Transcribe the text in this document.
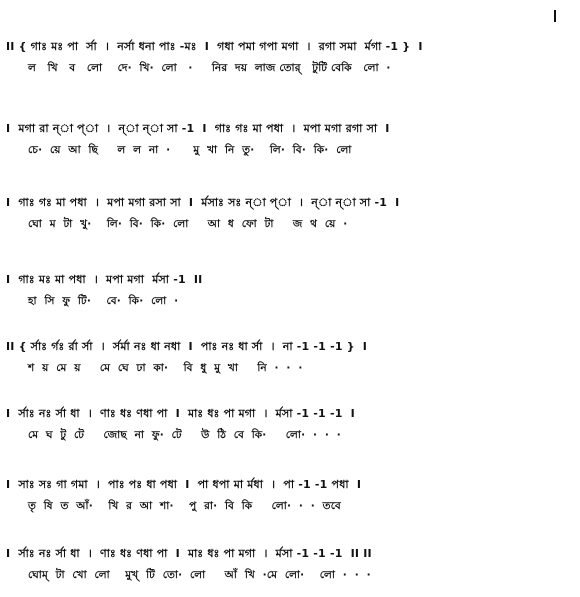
II { গাঃ মঃ পা  র্সা  ।  নর্সা ধনা পাঃ -মঃ  I  গধা পমা গপা মগা  ।  রগা সমা  র্মগা -1 }  I
ল   খি   ব   লো    দে·  খি·  লো   ·     নির  দয়  লাজ তোর্   টুটি বেকি   লো  ·
I  মগা রা ন্‌া প্‌া  ।  ন্‌া ন্‌া সা -1  I  গাঃ গঃ মা পধা  ।  মপা মগা রগা সা  I
চে·  য়ে  আ  ছি     ল  ল  না  ·      মু  খা  নি  তু·    লি·  বি·  কি·  লো
I  গাঃ গঃ মা পধা  ।  মপা মগা রসা সা  I  র্মসাঃ সঃ ন্‌া প্‌া  ।  ন্‌া ন্‌া সা -1  I
ঘো  ম  টা  খু·    লি·  বি·  কি·  লো     আ  ধ  ফো  টা     জ  থ  য়ে  ·
I  গাঃ মঃ মা পধা  ।  মপা মগা  র্মসা -1  II
হা  সি  ফু  টি·    বে·  কি·  লো  ·
II { র্সাঃ র্গঃ র্রা র্সা  ।  র্সর্মা নঃ ধা নধা  I  পাঃ নঃ ধা র্সা  ।  না -1 -1 -1 }  I
শ  য়  মে  য়     মে  ঘে  ঢা  কা·    বি  ধু  মু  খা     নি  ·  ·  ·
I  র্সাঃ নঃ র্সা ধা  ।  ণাঃ ধঃ ণধা পা  I  মাঃ ধঃ পা মগা  ।  র্মসা -1 -1 -1  I
মে  ঘ  টু  টে     জোছ  না  ফু·  টে     উ  ঠি  বে  কি·     লো·  ·  ·  ·
I  সাঃ সঃ গা গমা  ।  পাঃ পঃ ধা পধা  I  পা ধপা মা র্মধা  ।  পা -1 -1 পধা  I
তৃ  ষি  ত  আঁ·    খি  র  আ  শা·    পু  রা·  বি  কি     লো·  ·  ·  তবে
I  র্সাঃ নঃ র্সা ধা  ।  ণাঃ ধঃ ণধা পা  I  মাঃ ধঃ পা মগা  ।  র্মসা -1 -1 -1  II II
ঘোম্‌  টা  খো  লো    মুখ্‌  টি  তো·  লো     আঁ  খি  ·মে  লো·    লো  ·  ·  ·
